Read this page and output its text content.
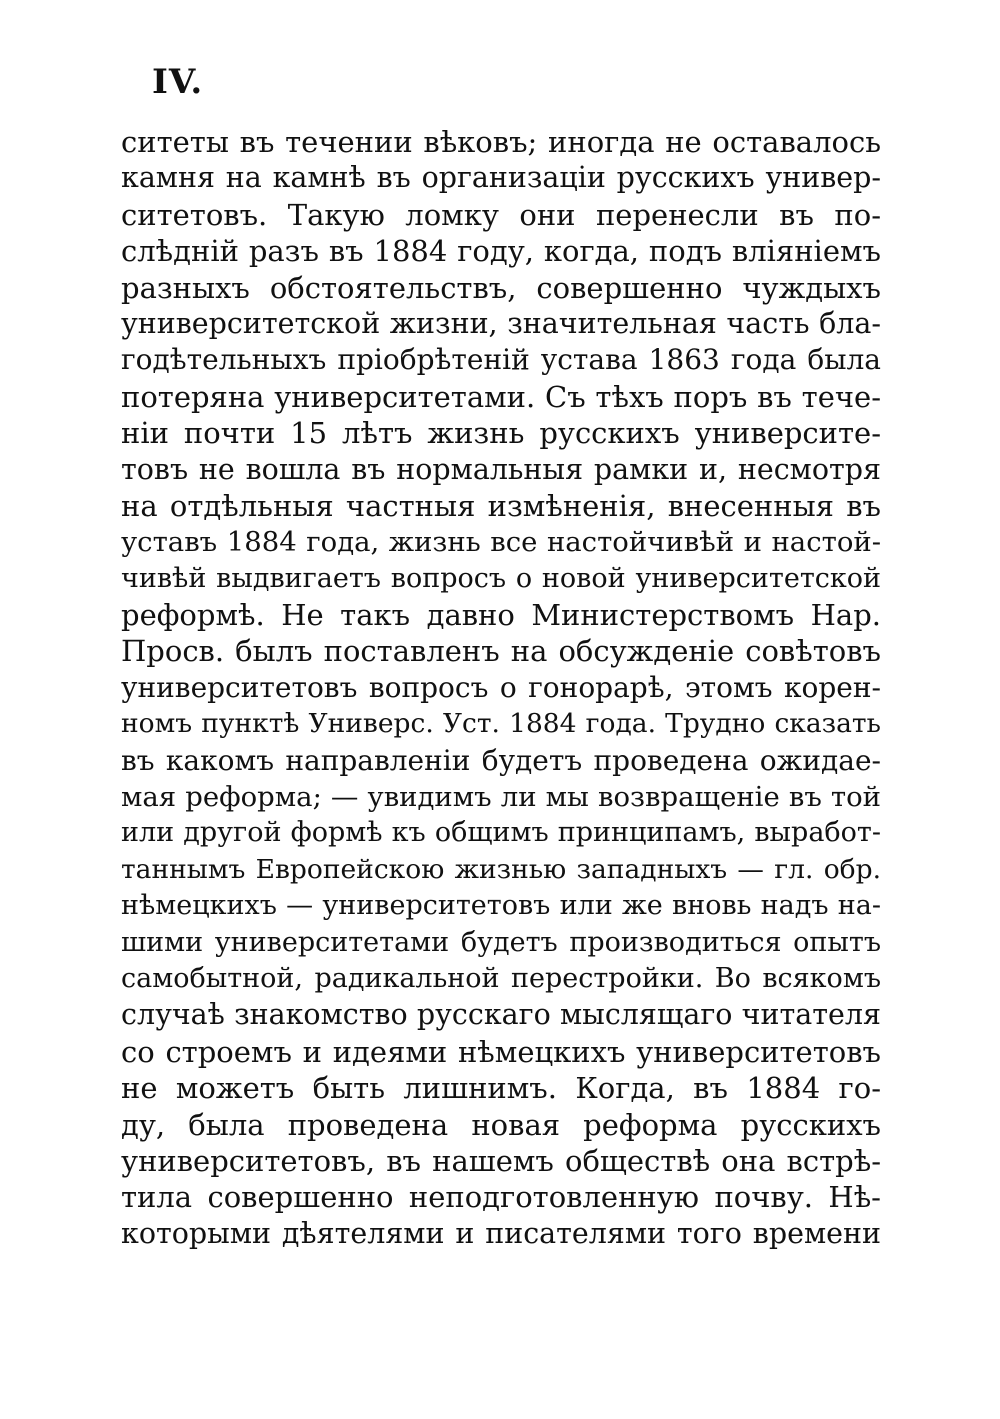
IV.
ситеты въ течении вѣковъ; иногда не оставалось
камня на камнѣ въ организаціи русскихъ универ-
ситетовъ. Такую ломку они перенесли въ по-
слѣдній разъ въ 1884 году, когда, подъ вліяніемъ
разныхъ обстоятельствъ, совершенно чуждыхъ
университетской жизни, значительная часть бла-
годѣтельныхъ пріобрѣтеній устава 1863 года была
потеряна университетами. Съ тѣхъ поръ въ тече-
ніи почти 15 лѣтъ жизнь русскихъ университе-
товъ не вошла въ нормальныя рамки и, несмотря
на отдѣльныя частныя измѣненія, внесенныя въ
уставъ 1884 года, жизнь все настойчивѣй и настой-
чивѣй выдвигаетъ вопросъ о новой университетской
реформѣ. Не такъ давно Министерствомъ Нар.
Просв. былъ поставленъ на обсужденіе совѣтовъ
университетовъ вопросъ о гонорарѣ, этомъ корен-
номъ пунктѣ Универс. Уст. 1884 года. Трудно сказать
въ какомъ направленіи будетъ проведена ожидае-
мая реформа; — увидимъ ли мы возвращеніе въ той
или другой формѣ къ общимъ принципамъ, выработ-
таннымъ Европейскою жизнью западныхъ — гл. обр.
нѣмецкихъ — университетовъ или же вновь надъ на-
шими университетами будетъ производиться опытъ
самобытной, радикальной перестройки. Во всякомъ
случаѣ знакомство русскаго мыслящаго читателя
со строемъ и идеями нѣмецкихъ университетовъ
не можетъ быть лишнимъ. Когда, въ 1884 го-
ду, была проведена новая реформа русскихъ
университетовъ, въ нашемъ обществѣ она встрѣ-
тила совершенно неподготовленную почву. Нѣ-
которыми дѣятелями и писателями того времени
